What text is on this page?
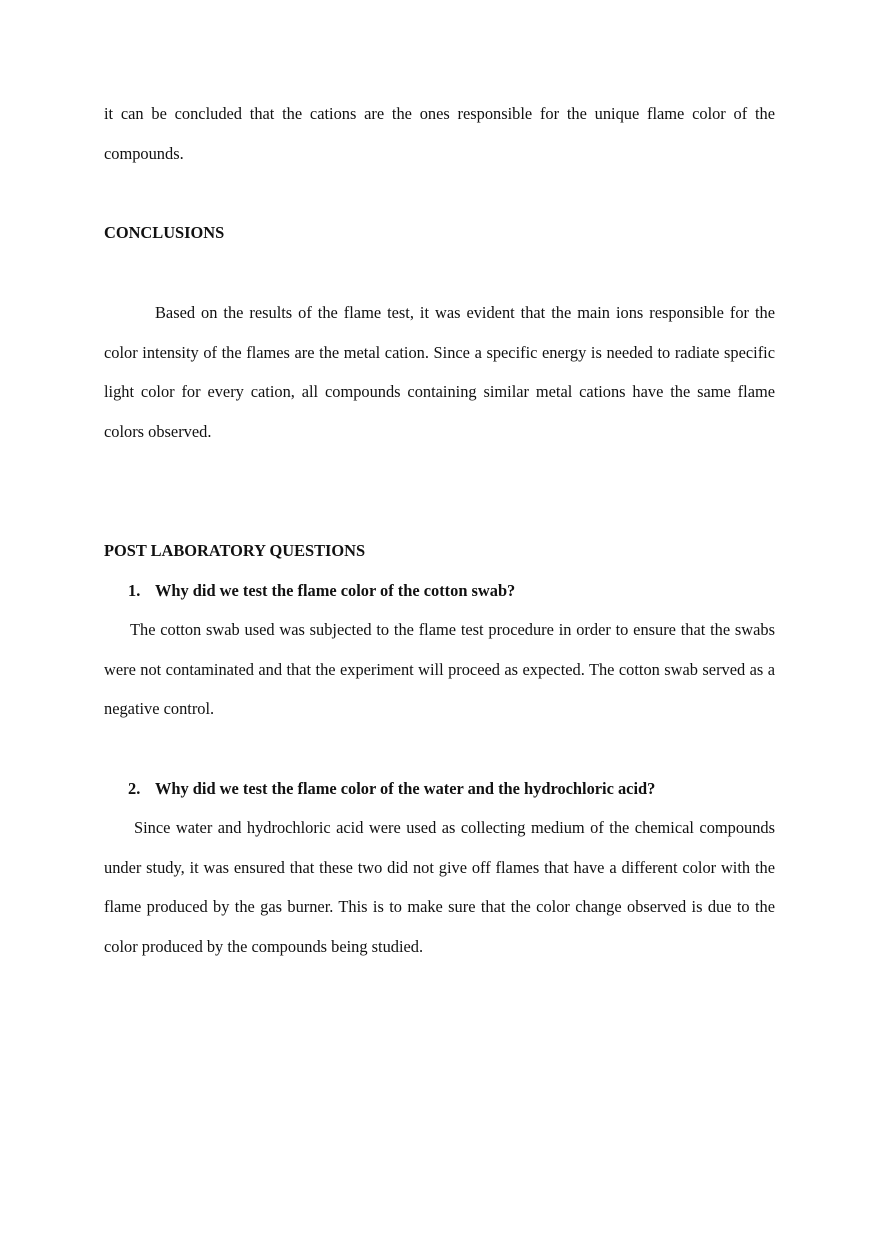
it can be concluded that the cations are the ones responsible for the unique flame color of the compounds.

CONCLUSIONS

Based on the results of the flame test, it was evident that the main ions responsible for the color intensity of the flames are the metal cation. Since a specific energy is needed to radiate specific light color for every cation, all compounds containing similar metal cations have the same flame colors observed.

POST LABORATORY QUESTIONS
1. Why did we test the flame color of the cotton swab?

The cotton swab used was subjected to the flame test procedure in order to ensure that the swabs were not contaminated and that the experiment will proceed as expected. The cotton swab served as a negative control.

2. Why did we test the flame color of the water and the hydrochloric acid?

Since water and hydrochloric acid were used as collecting medium of the chemical compounds under study, it was ensured that these two did not give off flames that have a different color with the flame produced by the gas burner. This is to make sure that the color change observed is due to the color produced by the compounds being studied.
